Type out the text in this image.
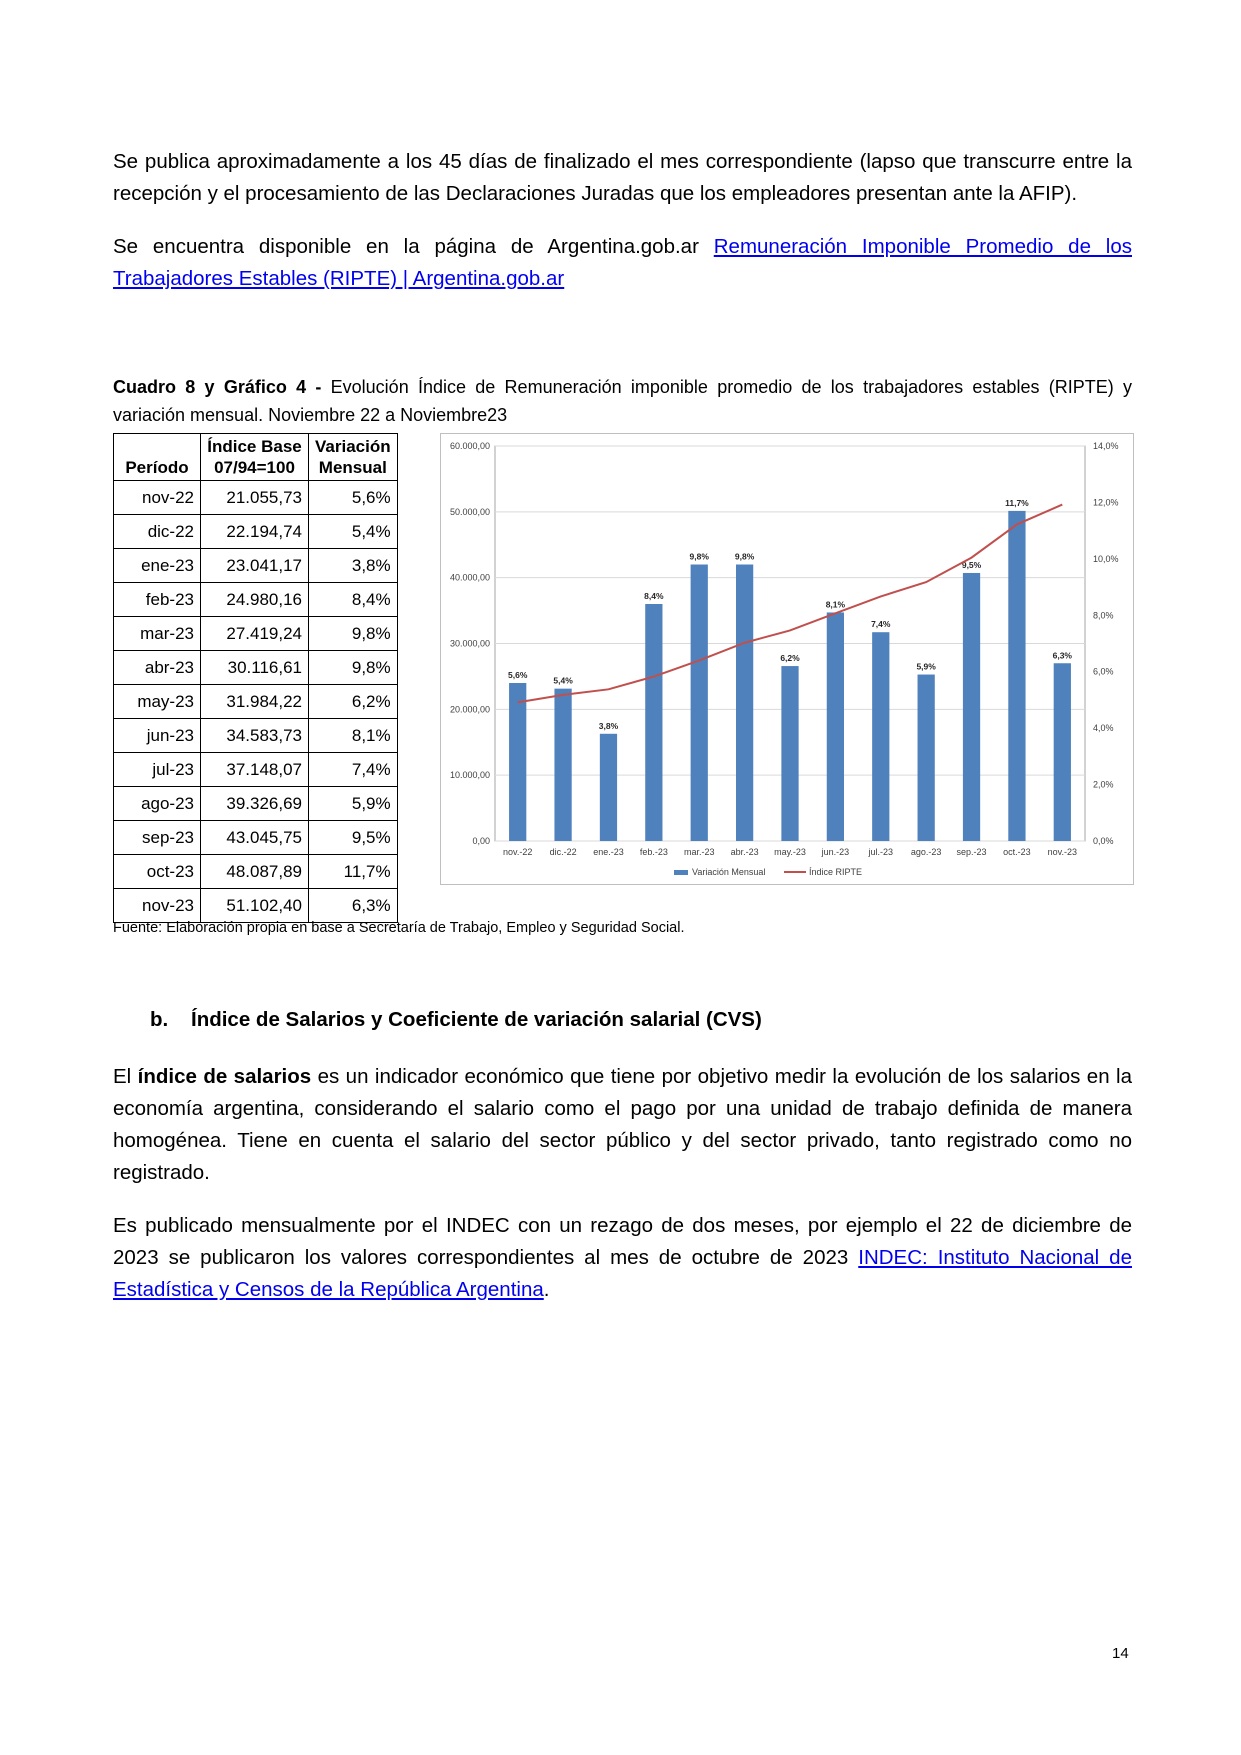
Se publica aproximadamente a los 45 días de finalizado el mes correspondiente (lapso que transcurre entre la recepción y el procesamiento de las Declaraciones Juradas que los empleadores presentan ante la AFIP).

Se encuentra disponible en la página de Argentina.gob.ar Remuneración Imponible Promedio de los Trabajadores Estables (RIPTE) | Argentina.gob.ar

Cuadro 8 y Gráfico 4 - Evolución Índice de Remuneración imponible promedio de los trabajadores estables (RIPTE) y variación mensual. Noviembre 22 a Noviembre23

	Índice Base	Variación
Período	07/94=100	Mensual
nov-22	21.055,73	5,6%
dic-22	22.194,74	5,4%
ene-23	23.041,17	3,8%
feb-23	24.980,16	8,4%
mar-23	27.419,24	9,8%
abr-23	30.116,61	9,8%
may-23	31.984,22	6,2%
jun-23	34.583,73	8,1%
jul-23	37.148,07	7,4%
ago-23	39.326,69	5,9%
sep-23	43.045,75	9,5%
oct-23	48.087,89	11,7%
nov-23	51.102,40	6,3%
0,00
10.000,00
20.000,00
30.000,00
40.000,00
50.000,00
60.000,00
0,0%
2,0%
4,0%
6,0%
8,0%
10,0%
12,0%
14,0%
5,6%
5,4%
3,8%
8,4%
9,8%	9,8%
6,2%
8,1%
7,4%
5,9%
9,5%
11,7%
6,3%
nov.-22 dic.-22 ene.-23 feb.-23 mar.-23 abr.-23 may.-23 jun.-23 jul.-23 ago.-23 sep.-23 oct.-23 nov.-23
Variación Mensual	Índice RIPTE

Fuente: Elaboración propia en base a Secretaría de Trabajo, Empleo y Seguridad Social.

b.    Índice de Salarios y Coeficiente de variación salarial (CVS)

El índice de salarios es un indicador económico que tiene por objetivo medir la evolución de los salarios en la economía argentina, considerando el salario como el pago por una unidad de trabajo definida de manera homogénea. Tiene en cuenta el salario del sector público y del sector privado, tanto registrado como no registrado.

Es publicado mensualmente por el INDEC con un rezago de dos meses, por ejemplo el 22 de diciembre de 2023 se publicaron los valores correspondientes al mes de octubre de 2023 INDEC: Instituto Nacional de Estadística y Censos de la República Argentina.

14
